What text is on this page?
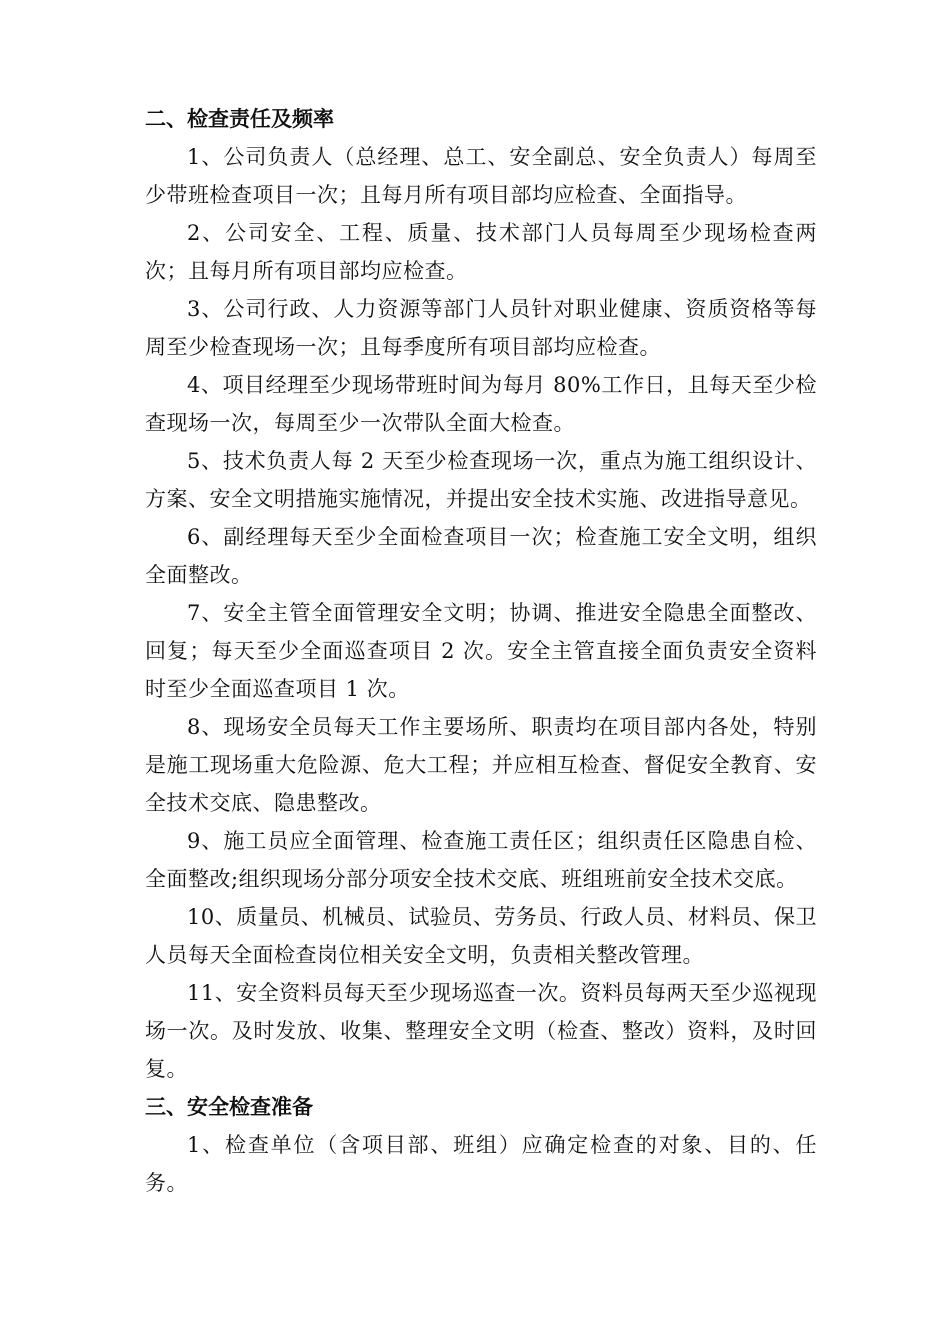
二、检查责任及频率

1、公司负责人（总经理、总工、安全副总、安全负责人）每周至少带班检查项目一次；且每月所有项目部均应检查、全面指导。

2、公司安全、工程、质量、技术部门人员每周至少现场检查两次；且每月所有项目部均应检查。

3、公司行政、人力资源等部门人员针对职业健康、资质资格等每周至少检查现场一次；且每季度所有项目部均应检查。

4、项目经理至少现场带班时间为每月 80%工作日，且每天至少检查现场一次，每周至少一次带队全面大检查。

5、技术负责人每 2 天至少检查现场一次，重点为施工组织设计、方案、安全文明措施实施情况，并提出安全技术实施、改进指导意见。

6、副经理每天至少全面检查项目一次；检查施工安全文明，组织全面整改。

7、安全主管全面管理安全文明；协调、推进安全隐患全面整改、回复；每天至少全面巡查项目 2 次。安全主管直接全面负责安全资料时至少全面巡查项目 1 次。

8、现场安全员每天工作主要场所、职责均在项目部内各处，特别是施工现场重大危险源、危大工程；并应相互检查、督促安全教育、安全技术交底、隐患整改。

9、施工员应全面管理、检查施工责任区；组织责任区隐患自检、全面整改;组织现场分部分项安全技术交底、班组班前安全技术交底。

10、质量员、机械员、试验员、劳务员、行政人员、材料员、保卫人员每天全面检查岗位相关安全文明，负责相关整改管理。

11、安全资料员每天至少现场巡查一次。资料员每两天至少巡视现场一次。及时发放、收集、整理安全文明（检查、整改）资料，及时回复。

三、安全检查准备

1、检查单位（含项目部、班组）应确定检查的对象、目的、任务。
